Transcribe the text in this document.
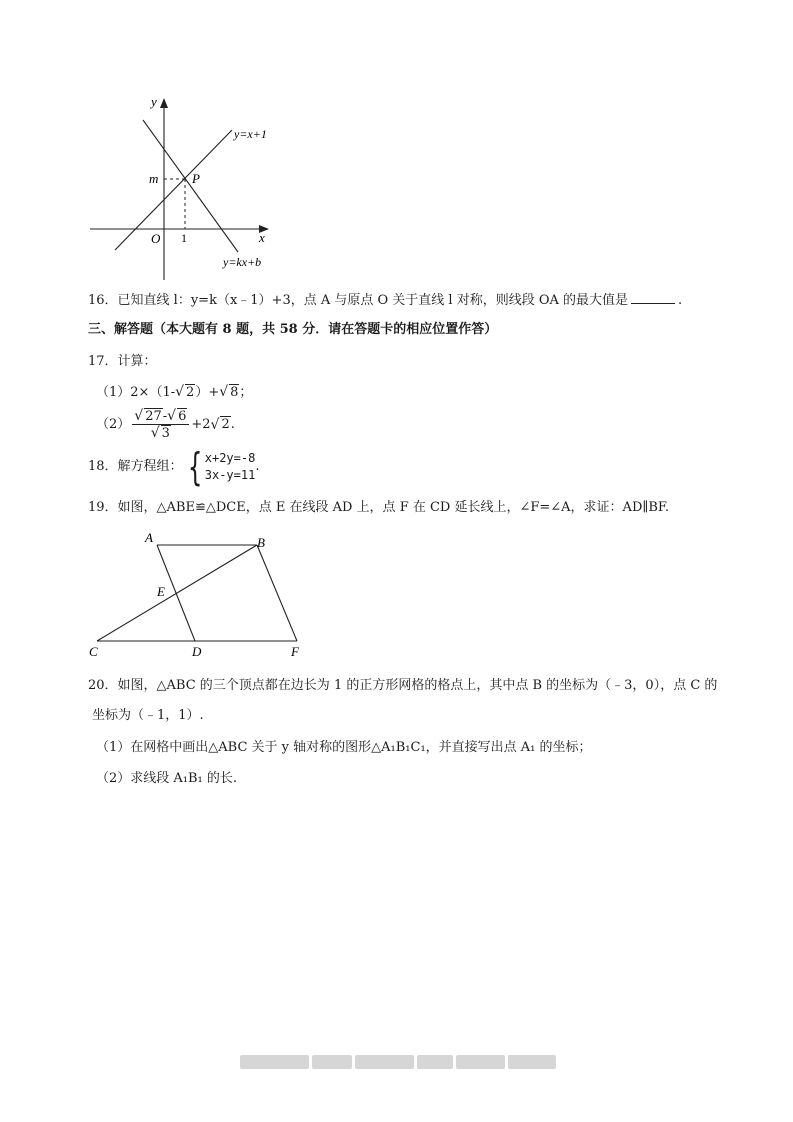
y
x
O
P
m
1
y=x+1
y=kx+b
16．已知直线 l：y=k（x﹣1）+3，点 A 与原点 O 关于直线 l 对称，则线段 OA 的最大值是	.
三、解答题（本大题有 8 题，共 58 分．请在答题卡的相应位置作答）
17．计算：
（1）2×（1-√ 2）+√ 8；
$(2) \frac{√ 27-√ 6}{√ 3} +2$ √ 2 .
18． 解方程组： { x+2y=-8
3x-y=11
.
19．如图，△ABE≌△DCE，点 E 在线段 AD 上，点 F 在 CD 延长线上，∠F=∠A，求证：AD∥BF.
A	B
E
C	D	F
20．如图，△ABC 的三个顶点都在边长为 1 的正方形网格的格点上，其中点 B 的坐标为（﹣3，0），点 C 的
坐标为（﹣1，1）.
（1）在网格中画出△ABC 关于 y 轴对称的图形△A₁B₁C₁，并直接写出点 A₁ 的坐标；
（2）求线段 A₁B₁ 的长.
